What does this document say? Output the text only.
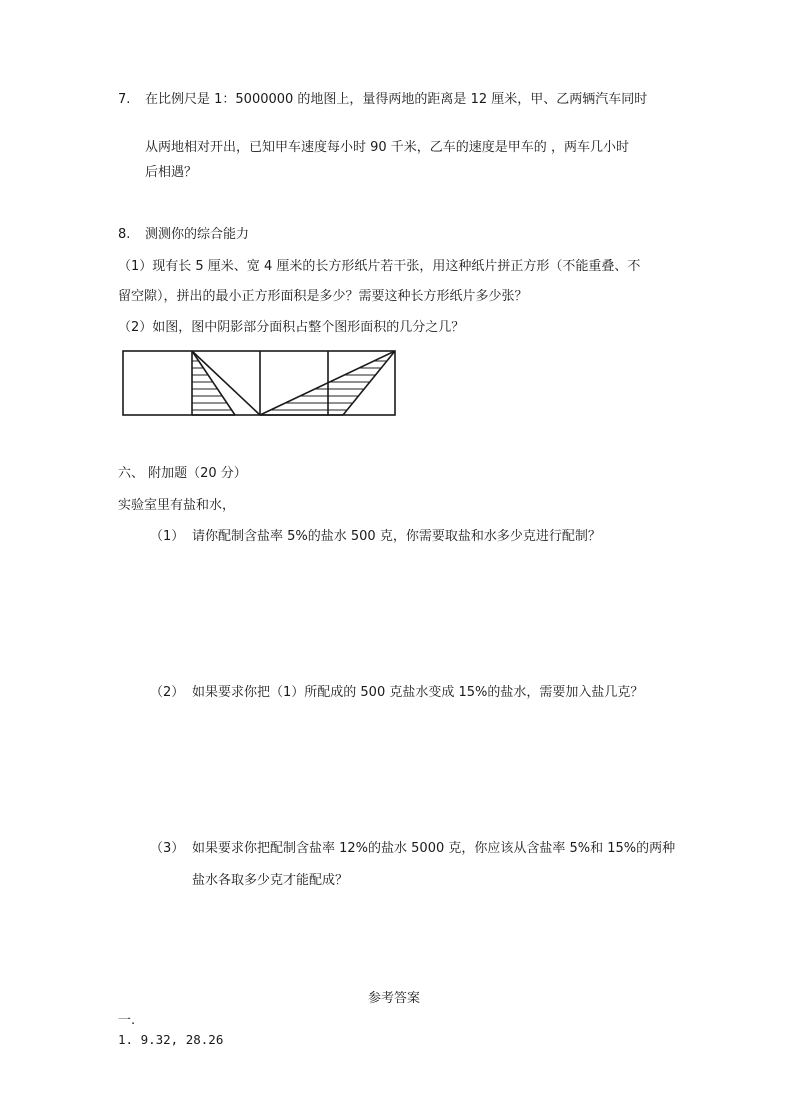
7. 在比例尺是 1：5000000 的地图上，量得两地的距离是 12 厘米，甲、乙两辆汽车同时
从两地相对开出，已知甲车速度每小时 90 千米，乙车的速度是甲车的 ，两车几小时
后相遇？
8. 测测你的综合能力
（1）现有长 5 厘米、宽 4 厘米的长方形纸片若干张，用这种纸片拼正方形（不能重叠、不
留空隙），拼出的最小正方形面积是多少？需要这种长方形纸片多少张？
（2）如图，图中阴影部分面积占整个图形面积的几分之几？
六、 附加题（20 分）
实验室里有盐和水，
（1） 请你配制含盐率 5%的盐水 500 克，你需要取盐和水多少克进行配制？
（2） 如果要求你把（1）所配成的 500 克盐水变成 15%的盐水，需要加入盐几克？
（3） 如果要求你把配制含盐率 12%的盐水 5000 克，你应该从含盐率 5%和 15%的两种
盐水各取多少克才能配成？
参考答案
一.
1. 9.32, 28.26
